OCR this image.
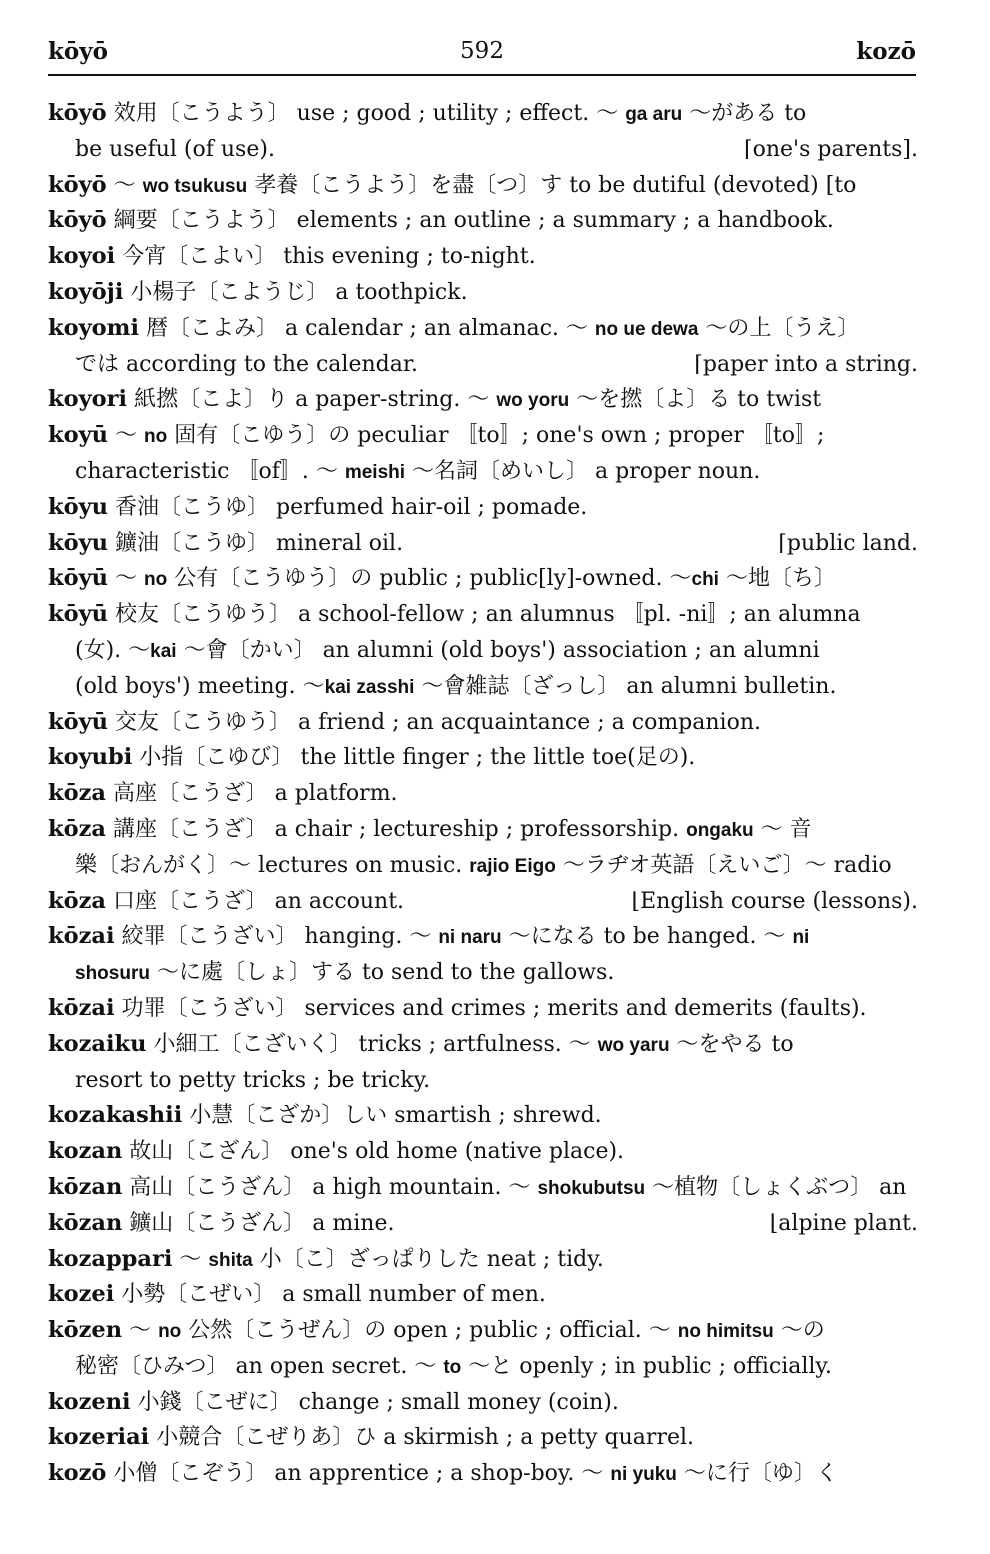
kōyō	592	kozō
kōyō 效用〔こうよう〕 use ; good ; utility ; effect. ～ ga aru ～がある to
be useful (of use).	⌈one's parents].
kōyō ～ wo tsukusu 孝養〔こうよう〕を盡〔つ〕す to be dutiful (devoted) [to
kōyō 綱要〔こうよう〕 elements ; an outline ; a summary ; a handbook.
koyoi 今宵〔こよい〕 this evening ; to-night.
koyōji 小楊子〔こようじ〕 a toothpick.
koyomi 暦〔こよみ〕 a calendar ; an almanac. ～ no ue dewa ～の上〔うえ〕
では according to the calendar.	⌈paper into a string.
koyori 紙撚〔こよ〕り a paper-string. ～ wo yoru ～を撚〔よ〕る to twist
koyū ～ no 固有〔こゆう〕の peculiar 〚to〛; one's own ; proper 〚to〛;
characteristic 〚of〛. ～ meishi ～名詞〔めいし〕 a proper noun.
kōyu 香油〔こうゆ〕 perfumed hair-oil ; pomade.
kōyu 鑛油〔こうゆ〕 mineral oil.	⌈public land.
kōyū ～ no 公有〔こうゆう〕の public ; public[ly]-owned. ～chi ～地〔ち〕
kōyū 校友〔こうゆう〕 a school-fellow ; an alumnus 〚pl. -ni〛; an alumna
(女). ～kai ～會〔かい〕 an alumni (old boys') association ; an alumni
(old boys') meeting. ～kai zasshi ～會雑誌〔ざっし〕 an alumni bulletin.
kōyū 交友〔こうゆう〕 a friend ; an acquaintance ; a companion.
koyubi 小指〔こゆび〕 the little finger ; the little toe(足の).
kōza 高座〔こうざ〕 a platform.
kōza 講座〔こうざ〕 a chair ; lectureship ; professorship. ongaku ～ 音
樂〔おんがく〕～ lectures on music. rajio Eigo ～ラヂオ英語〔えいご〕～ radio
kōza 口座〔こうざ〕 an account.	⌊English course (lessons).
kōzai 絞罪〔こうざい〕 hanging. ～ ni naru ～になる to be hanged. ～ ni
shosuru ～に處〔しょ〕する to send to the gallows.
kōzai 功罪〔こうざい〕 services and crimes ; merits and demerits (faults).
kozaiku 小細工〔こざいく〕 tricks ; artfulness. ～ wo yaru ～をやる to
resort to petty tricks ; be tricky.
kozakashii 小慧〔こざか〕しい smartish ; shrewd.
kozan 故山〔こざん〕 one's old home (native place).
kōzan 高山〔こうざん〕 a high mountain. ～ shokubutsu ～植物〔しょくぶつ〕 an
kōzan 鑛山〔こうざん〕 a mine.	⌊alpine plant.
kozappari ～ shita 小〔こ〕ざっぱりした neat ; tidy.
kozei 小勢〔こぜい〕 a small number of men.
kōzen ～ no 公然〔こうぜん〕の open ; public ; official. ～ no himitsu ～の
秘密〔ひみつ〕 an open secret. ～ to ～と openly ; in public ; officially.
kozeni 小錢〔こぜに〕 change ; small money (coin).
kozeriai 小競合〔こぜりあ〕ひ a skirmish ; a petty quarrel.
kozō 小僧〔こぞう〕 an apprentice ; a shop-boy. ～ ni yuku ～に行〔ゆ〕く
